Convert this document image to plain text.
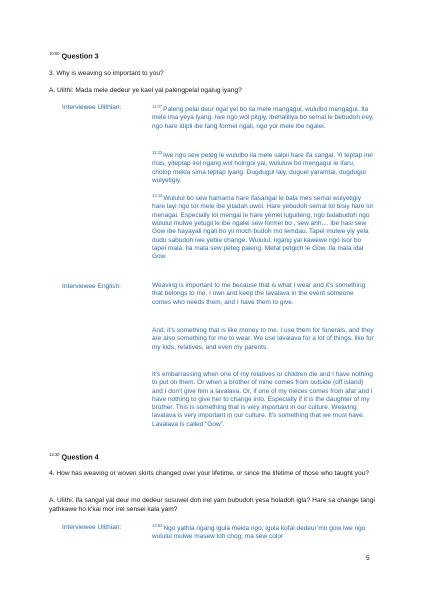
$^{10:50}$ Question 3
3. Why is weaving so important to you?
A. Ulithi: Mada mele dedeur ye kael yal palengpelal ngalug iyang?
Interviewee Ulithian:	$^{11:07}$Paleng pelal deur ngal yel bo ila mele mangagui, wululbo mengagui. Ila mele ima yeya lyang. Iwe ngo wol pitgiy, ibehaliliya bo semal le bebudoh irey, ngo hare idipli ibe fang formel ngali, ngo yor mele ibe ngalei.
$^{11:33}$Iwe ngo sew peteg le wululbo ila mele salpii hare ifa sangal. Yi teptap irel mas, yiteptap irel ngang wol holngoi yai, wululuw bo mengagui le ifaru, cholop mekla sima teptap iyang. Dugdugul laiy, duguel yaramtai, dugdugul wulyetigiy.
$^{12:12}$Wululul bo sew hamama hare ifasangal le bala mes semal wulyetigiy hare layi ngo tor mele ibe yitadah uwol. Hare yebudoh semal lol bisiy hare lol menagai. Especially lol mengai le hare yemel luguiteng, ngo balabudoh ngo wululul mulwe yetugil le ibe ngalei sew formel bo , sew ahh.... ibe hasi sew Gow ibe hayayali ngali bo yii moch budoh mo lemdau. Tapel mulwe yiy yela dudu sabudoh iwe yeble change. Wululul, ngang yai kawewe ngo isor bo tapel mala. Ila mala sew peteg paleng. Metal petgich le Gow. Ila mala idal Gow.
Interviewee English:	Weaving is important to me because that is what I wear and it's something that belongs to me. I own and keep the lavalava in the event someone comes who needs them, and I have them to give.
And, it's something that is like money to me. I use them for funerals, and they are also something for me to wear. We use lavalava for a lot of things, like for my kids, relatives, and even my parents.
It's embarrassing when one of my relatives or children die and I have nothing to put on them. Or when a brother of mine comes from outside (off island) and I don't give him a lavalava. Or, if one of my nieces comes from afar and I have nothing to give her to change into. Especially if it is the daughter of my brother. This is something that is very important in our culture. Weaving lavalava is very important in our culture. It's something that we must have. Lavalava is called “Gow”.
$^{13:30}$ Question 4
4. How has weaving or woven skirts changed over your lifetime, or since the lifetime of those who taught you?
A. Ulithi: Ifa sangal yal deur mo dedeur susuwel doh irel yam bubudoh yesa holadoh igla? Hare sa change tangi yathkawe ho k'kai mor irel sensei kala yam?
Interviewee Ulithian:	$^{13:53}$Ngo yathla ngang igula mekla ngo, igula kofal dedeur’mo gow iwe ngo wululul mulwe masew loh chog, ma sew color
5
